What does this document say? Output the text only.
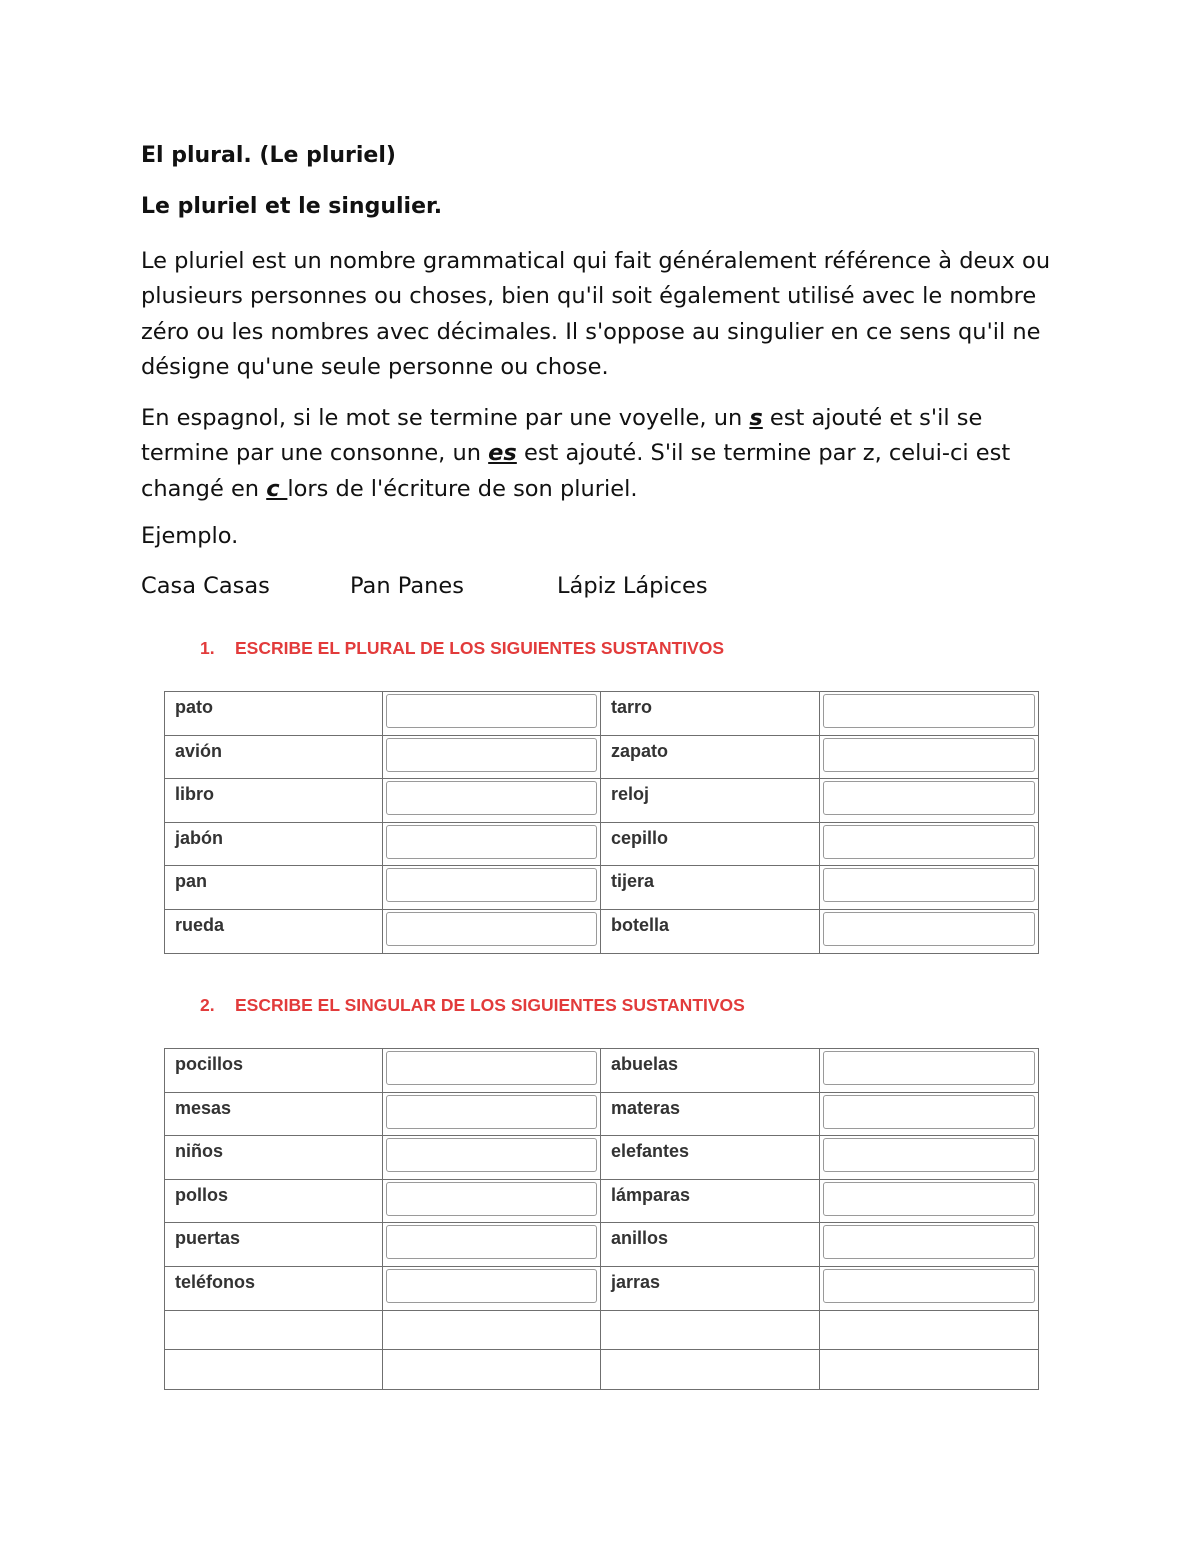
El plural. (Le pluriel)
Le pluriel et le singulier.
Le pluriel est un nombre grammatical qui fait généralement référence à deux ou plusieurs personnes ou choses, bien qu'il soit également utilisé avec le nombre zéro ou les nombres avec décimales. Il s'oppose au singulier en ce sens qu'il ne désigne qu'une seule personne ou chose.
En espagnol, si le mot se termine par une voyelle, un s est ajouté et s'il se termine par une consonne, un es est ajouté. S'il se termine par z, celui-ci est changé en c lors de l'écriture de son pluriel.
Ejemplo.
Casa Casas	Pan Panes	Lápiz Lápices
1. ESCRIBE EL PLURAL DE LOS SIGUIENTES SUSTANTIVOS
pato		tarro	
avión		zapato	
libro		reloj	
jabón		cepillo	
pan		tijera	
rueda		botella	
2. ESCRIBE EL SINGULAR DE LOS SIGUIENTES SUSTANTIVOS
pocillos		abuelas	
mesas		materas	
niños		elefantes	
pollos		lámparas	
puertas		anillos	
teléfonos		jarras	
